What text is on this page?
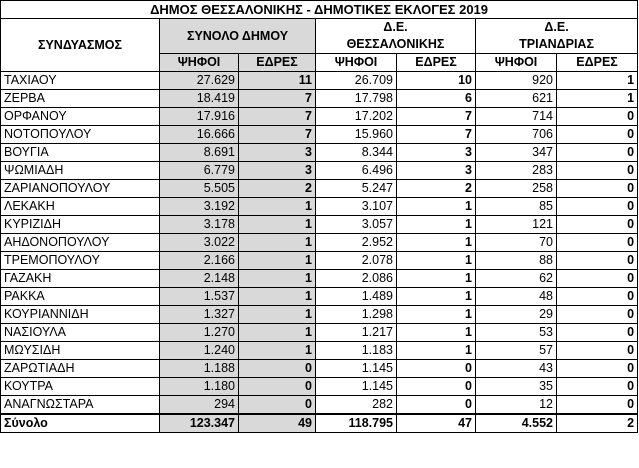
ΔΗΜΟΣ ΘΕΣΣΑΛΟΝΙΚΗΣ - ΔΗΜΟΤΙΚΕΣ ΕΚΛΟΓΕΣ 2019						
ΣΥΝΔΥΑΣΜΟΣ	ΣΥΝΟΛΟ ΔΗΜΟΥ		Δ.Ε.
ΘΕΣΣΑΛΟΝΙΚΗΣ		Δ.Ε.
ΤΡΙΑΝΔΡΙΑΣ	
	ΨΗΦΟΙ	ΕΔΡΕΣ	ΨΗΦΟΙ	ΕΔΡΕΣ	ΨΗΦΟΙ	ΕΔΡΕΣ
ΤΑΧΙΑΟΥ	27.629	11	26.709	10	920	1
ΖΕΡΒΑ	18.419	7	17.798	6	621	1
ΟΡΦΑΝΟΥ	17.916	7	17.202	7	714	0
ΝΟΤΟΠΟΥΛΟΥ	16.666	7	15.960	7	706	0
ΒΟΥΓΙΑ	8.691	3	8.344	3	347	0
ΨΩΜΙΑΔΗ	6.779	3	6.496	3	283	0
ΖΑΡΙΑΝΟΠΟΥΛΟΥ	5.505	2	5.247	2	258	0
ΛΕΚΑΚΗ	3.192	1	3.107	1	85	0
ΚΥΡΙΖΙΔΗ	3.178	1	3.057	1	121	0
ΑΗΔΟΝΟΠΟΥΛΟΥ	3.022	1	2.952	1	70	0
ΤΡΕΜΟΠΟΥΛΟΥ	2.166	1	2.078	1	88	0
ΓΑΖΑΚΗ	2.148	1	2.086	1	62	0
ΡΑΚΚΑ	1.537	1	1.489	1	48	0
ΚΟΥΡΙΑΝΝΙΔΗ	1.327	1	1.298	1	29	0
ΝΑΣΙΟΥΛΑ	1.270	1	1.217	1	53	0
ΜΩΥΣΙΔΗ	1.240	1	1.183	1	57	0
ΖΑΡΩΤΙΑΔΗ	1.188	0	1.145	0	43	0
ΚΟΥΤΡΑ	1.180	0	1.145	0	35	0
ΑΝΑΓΝΩΣΤΑΡΑ	294	0	282	0	12	0
Σύνολο	123.347	49	118.795	47	4.552	2
